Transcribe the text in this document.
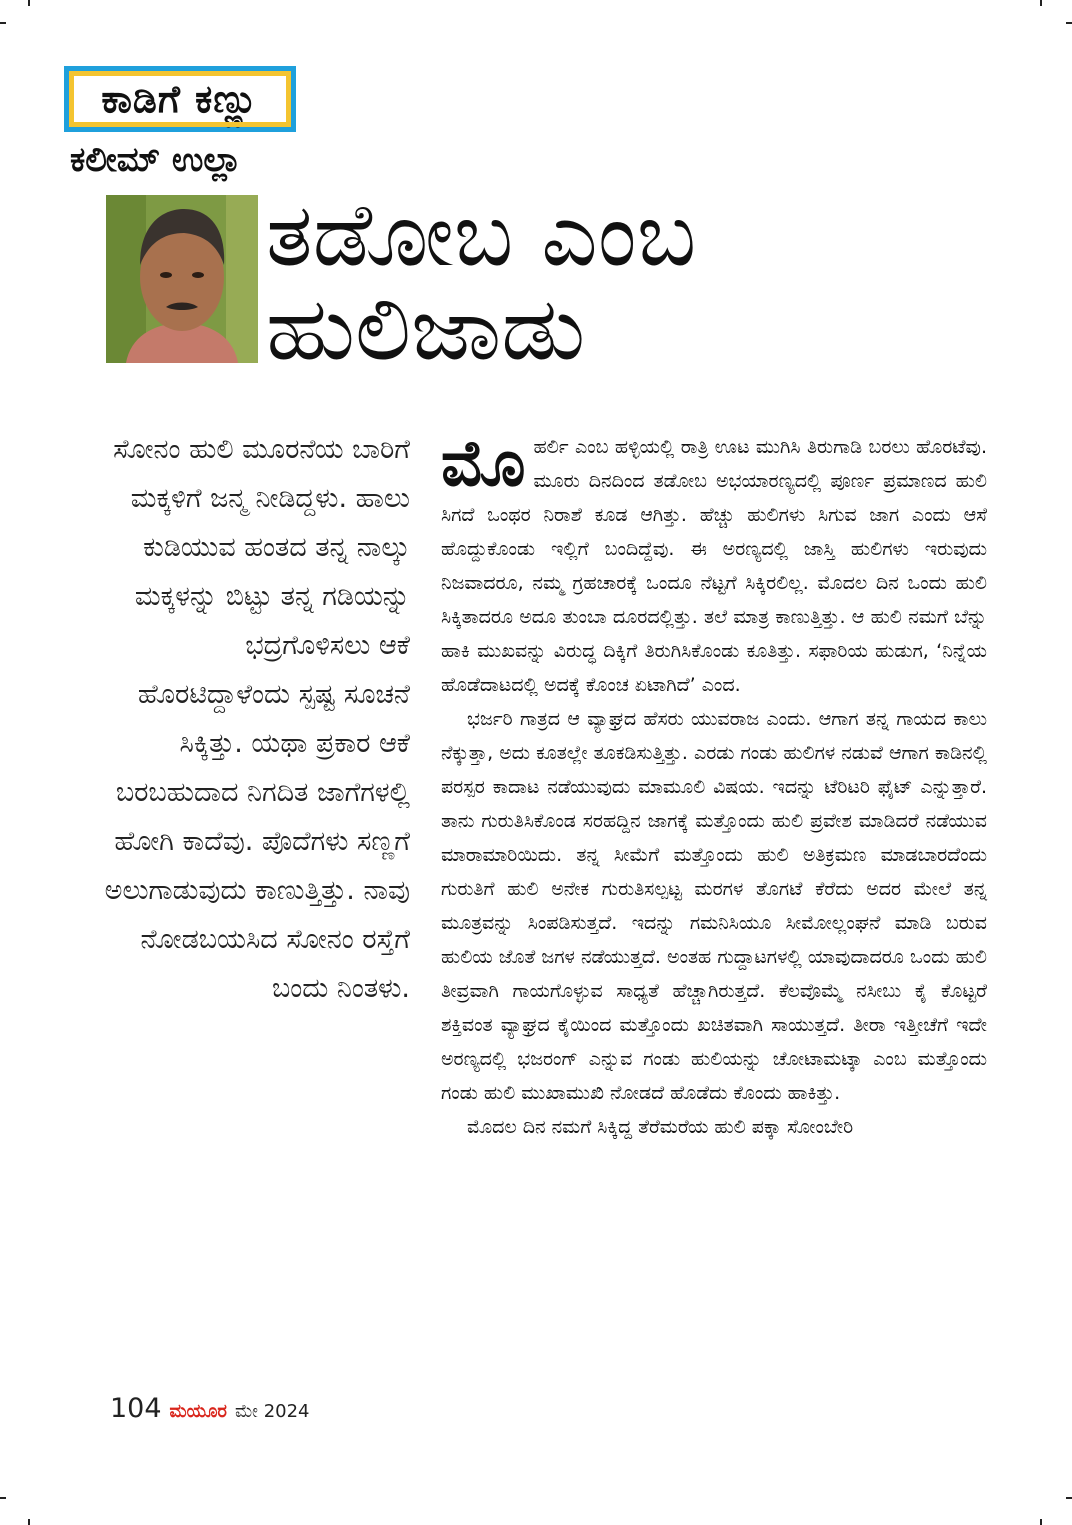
ಕಾಡಿಗೆ ಕಣ್ಣು
ಕಲೀಮ್ ಉಲ್ಲಾ
ತಡೋಬ ಎಂಬ
ಹುಲಿಜಾಡು

ಸೋನಂ ಹುಲಿ ಮೂರನೆಯ ಬಾರಿಗೆ ಮಕ್ಕಳಿಗೆ ಜನ್ಮ ನೀಡಿದ್ದಳು. ಹಾಲು ಕುಡಿಯುವ ಹಂತದ ತನ್ನ ನಾಲ್ಕು ಮಕ್ಕಳನ್ನು ಬಿಟ್ಟು ತನ್ನ ಗಡಿಯನ್ನು ಭದ್ರಗೊಳಿಸಲು ಆಕೆ ಹೊರಟಿದ್ದಾಳೆಂದು ಸ್ಪಷ್ಟ ಸೂಚನೆ ಸಿಕ್ಕಿತ್ತು. ಯಥಾ ಪ್ರಕಾರ ಆಕೆ ಬರಬಹುದಾದ ನಿಗದಿತ ಜಾಗೆಗಳಲ್ಲಿ ಹೋಗಿ ಕಾದೆವು. ಪೊದೆಗಳು ಸಣ್ಣಗೆ ಅಲುಗಾಡುವುದು ಕಾಣುತ್ತಿತ್ತು. ನಾವು ನೋಡಬಯಸಿದ ಸೋನಂ ರಸ್ತೆಗೆ ಬಂದು ನಿಂತಳು.

ಮೊಹರ್ಲಿ ಎಂಬ ಹಳ್ಳಿಯಲ್ಲಿ ರಾತ್ರಿ ಊಟ ಮುಗಿಸಿ ತಿರುಗಾಡಿ ಬರಲು ಹೊರಟೆವು. ಮೂರು ದಿನದಿಂದ ತಡೋಬ ಅಭಯಾರಣ್ಯದಲ್ಲಿ ಪೂರ್ಣ ಪ್ರಮಾಣದ ಹುಲಿ ಸಿಗದೆ ಒಂಥರ ನಿರಾಶೆ ಕೂಡ ಆಗಿತ್ತು. ಹೆಚ್ಚು ಹುಲಿಗಳು ಸಿಗುವ ಜಾಗ ಎಂದು ಆಸೆ ಹೊದ್ದುಕೊಂಡು ಇಲ್ಲಿಗೆ ಬಂದಿದ್ದೆವು. ಈ ಅರಣ್ಯದಲ್ಲಿ ಜಾಸ್ತಿ ಹುಲಿಗಳು ಇರುವುದು ನಿಜವಾದರೂ, ನಮ್ಮ ಗ್ರಹಚಾರಕ್ಕೆ ಒಂದೂ ನೆಟ್ಟಗೆ ಸಿಕ್ಕಿರಲಿಲ್ಲ. ಮೊದಲ ದಿನ ಒಂದು ಹುಲಿ ಸಿಕ್ಕಿತಾದರೂ ಅದೂ ತುಂಬಾ ದೂರದಲ್ಲಿತ್ತು. ತಲೆ ಮಾತ್ರ ಕಾಣುತ್ತಿತ್ತು. ಆ ಹುಲಿ ನಮಗೆ ಬೆನ್ನು ಹಾಕಿ ಮುಖವನ್ನು ವಿರುದ್ಧ ದಿಕ್ಕಿಗೆ ತಿರುಗಿಸಿಕೊಂಡು ಕೂತಿತ್ತು. ಸಫಾರಿಯ ಹುಡುಗ, ‘ನಿನ್ನೆಯ ಹೊಡೆದಾಟದಲ್ಲಿ ಅದಕ್ಕೆ ಕೊಂಚ ಏಟಾಗಿದೆ’ ಎಂದ.

ಭರ್ಜರಿ ಗಾತ್ರದ ಆ ವ್ಯಾಘ್ರದ ಹೆಸರು ಯುವರಾಜ ಎಂದು. ಆಗಾಗ ತನ್ನ ಗಾಯದ ಕಾಲು ನೆಕ್ಕುತ್ತಾ, ಅದು ಕೂತಲ್ಲೇ ತೂಕಡಿಸುತ್ತಿತ್ತು. ಎರಡು ಗಂಡು ಹುಲಿಗಳ ನಡುವೆ ಆಗಾಗ ಕಾಡಿನಲ್ಲಿ ಪರಸ್ಪರ ಕಾದಾಟ ನಡೆಯುವುದು ಮಾಮೂಲಿ ವಿಷಯ. ಇದನ್ನು ಟೆರಿಟರಿ ಫೈಟ್ ಎನ್ನುತ್ತಾರೆ. ತಾನು ಗುರುತಿಸಿಕೊಂಡ ಸರಹದ್ದಿನ ಜಾಗಕ್ಕೆ ಮತ್ತೊಂದು ಹುಲಿ ಪ್ರವೇಶ ಮಾಡಿದರೆ ನಡೆಯುವ ಮಾರಾಮಾರಿಯಿದು. ತನ್ನ ಸೀಮೆಗೆ ಮತ್ತೊಂದು ಹುಲಿ ಅತಿಕ್ರಮಣ ಮಾಡಬಾರದೆಂದು ಗುರುತಿಗೆ ಹುಲಿ ಅನೇಕ ಗುರುತಿಸಲ್ಪಟ್ಟ ಮರಗಳ ತೊಗಟೆ ಕೆರೆದು ಅದರ ಮೇಲೆ ತನ್ನ ಮೂತ್ರವನ್ನು ಸಿಂಪಡಿಸುತ್ತದೆ. ಇದನ್ನು ಗಮನಿಸಿಯೂ ಸೀಮೋಲ್ಲಂಘನೆ ಮಾಡಿ ಬರುವ ಹುಲಿಯ ಜೊತೆ ಜಗಳ ನಡೆಯುತ್ತದೆ. ಅಂತಹ ಗುದ್ದಾಟಗಳಲ್ಲಿ ಯಾವುದಾದರೂ ಒಂದು ಹುಲಿ ತೀವ್ರವಾಗಿ ಗಾಯಗೊಳ್ಳುವ ಸಾಧ್ಯತೆ ಹೆಚ್ಚಾಗಿರುತ್ತದೆ. ಕೆಲವೊಮ್ಮೆ ನಸೀಬು ಕೈ ಕೊಟ್ಟರೆ ಶಕ್ತಿವಂತ ವ್ಯಾಘ್ರದ ಕೈಯಿಂದ ಮತ್ತೊಂದು ಖಚಿತವಾಗಿ ಸಾಯುತ್ತದೆ. ತೀರಾ ಇತ್ತೀಚೆಗೆ ಇದೇ ಅರಣ್ಯದಲ್ಲಿ ಭಜರಂಗ್ ಎನ್ನುವ ಗಂಡು ಹುಲಿಯನ್ನು ಚೋಟಾಮಟ್ಕಾ ಎಂಬ ಮತ್ತೊಂದು ಗಂಡು ಹುಲಿ ಮುಖಾಮುಖಿ ನೋಡದೆ ಹೊಡೆದು ಕೊಂದು ಹಾಕಿತ್ತು.

ಮೊದಲ ದಿನ ನಮಗೆ ಸಿಕ್ಕಿದ್ದ ತೆರೆಮರೆಯ ಹುಲಿ ಪಕ್ಕಾ ಸೋಂಬೇರಿ

104 ಮಯೂರ ಮೇ 2024
